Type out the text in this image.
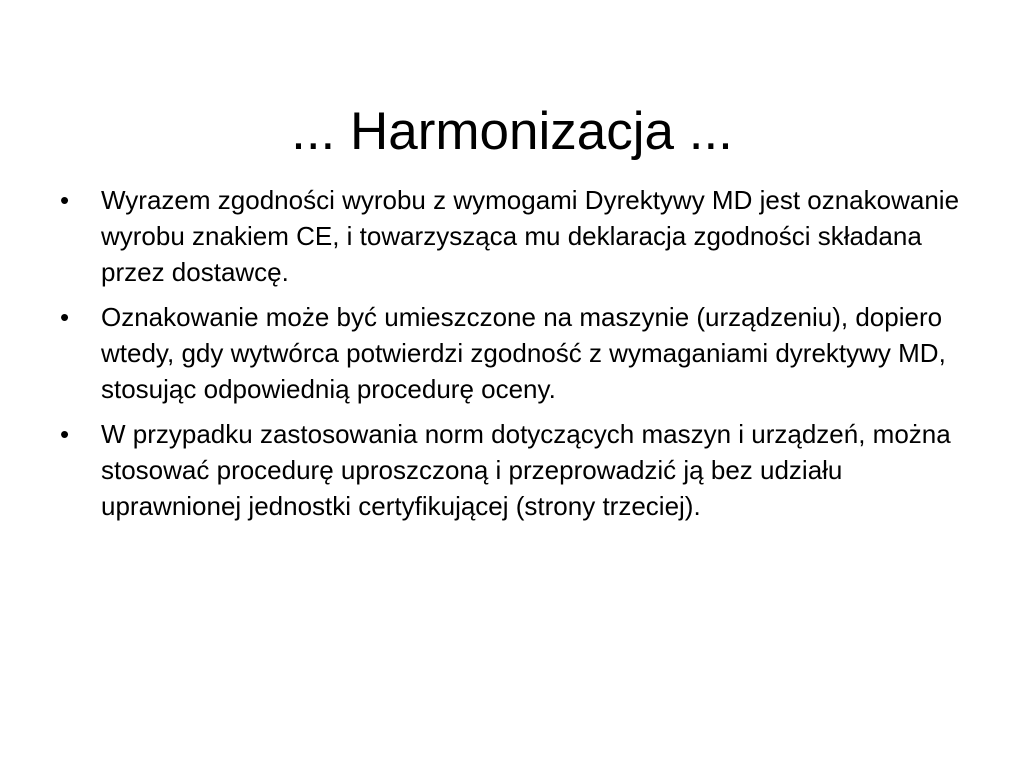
... Harmonizacja ...
• Wyrazem zgodności wyrobu z wymogami Dyrektywy MD jest oznakowanie wyrobu znakiem CE, i towarzysząca mu deklaracja zgodności składana przez dostawcę.
• Oznakowanie może być umieszczone na maszynie (urządzeniu), dopiero wtedy, gdy wytwórca potwierdzi zgodność z wymaganiami dyrektywy MD, stosując odpowiednią procedurę oceny.
• W przypadku zastosowania norm dotyczących maszyn i urządzeń, można stosować procedurę uproszczoną i przeprowadzić ją bez udziału uprawnionej jednostki certyfikującej (strony trzeciej).
